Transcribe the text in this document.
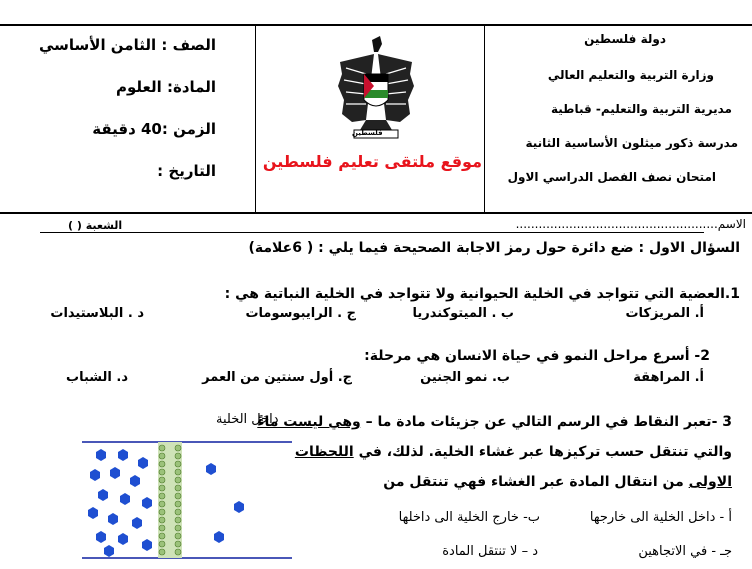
دولة فلسطين
وزارة التربية والتعليم العالي
مديرية التربية والتعليم- قباطية
مدرسة ذكور ميثلون الأساسية الثانية
امتحان نصف الفصل الدراسي الاول
الصف : الثامن الأساسي
المادة: العلوم
الزمن :40 دقيقة
التاريخ :
فلسطين
موقع ملتقى تعليم فلسطين
الاسم.....................................................
الشعبة ( )
السؤال الاول : ضع دائرة حول رمز الاجابة الصحيحة فيما يلي : ( 6علامة)
1.العضية التي تتواجد في الخلية الحيوانية ولا تتواجد في الخلية النباتية هي :
أ. المريزكات
ب . الميتوكندريا
ج . الرايبوسومات
د . البلاستيدات
2- أسرع مراحل النمو في حياة الانسان هي مرحلة:
أ. المراهقة
ب. نمو الجنين
ج. أول سنتين من العمر
د. الشباب
3 -تعبر النقاط في الرسم التالي عن جزيئات مادة ما – وهي ليست ماءً
داخل الخلية
والتي تنتقل حسب تركيزها عبر غشاء الخلية. لذلك، في اللحظات
الاولى من انتقال المادة عبر الغشاء فهي تنتقل من
أ - داخل الخلية الى خارجها
ب- خارج الخلية الى داخلها
جـ - في الاتجاهين
د – لا تنتقل المادة
